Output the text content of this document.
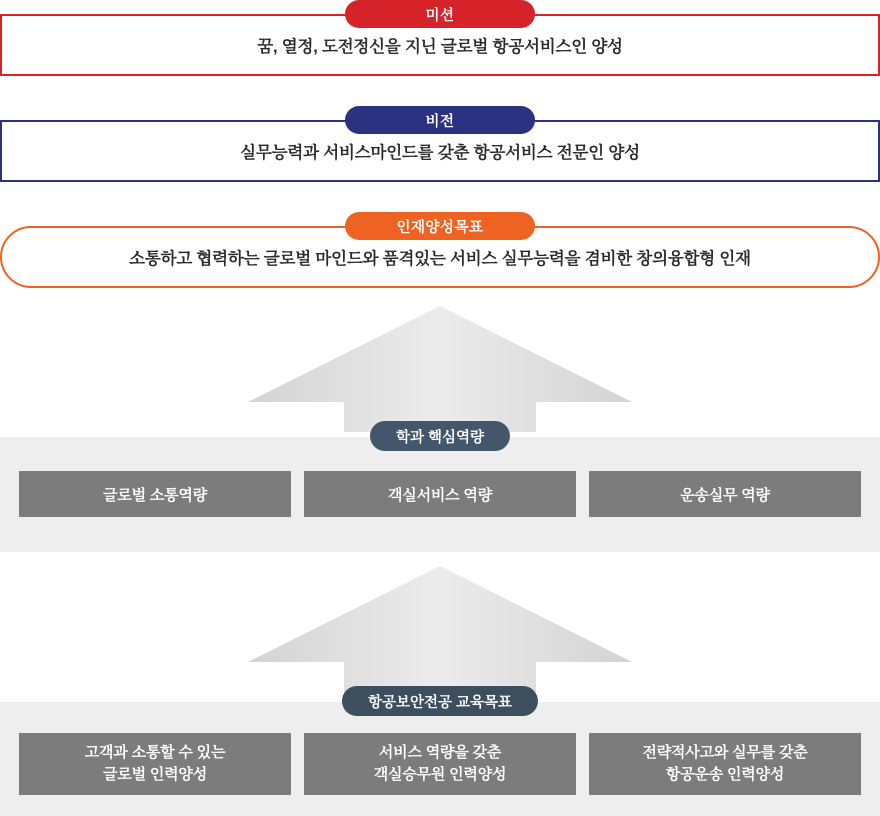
미션
꿈, 열정, 도전정신을 지닌 글로벌 항공서비스인 양성
비전
실무능력과 서비스마인드를 갖춘 항공서비스 전문인 양성
인재양성목표
소통하고 협력하는 글로벌 마인드와 품격있는 서비스 실무능력을 겸비한 창의융합형 인재
학과 핵심역량
글로벌 소통역량	객실서비스 역량	운송실무 역량
항공보안전공 교육목표
고객과 소통할 수 있는
글로벌 인력양성
서비스 역량을 갖춘
객실승무원 인력양성
전략적사고와 실무를 갖춘
항공운송 인력양성
